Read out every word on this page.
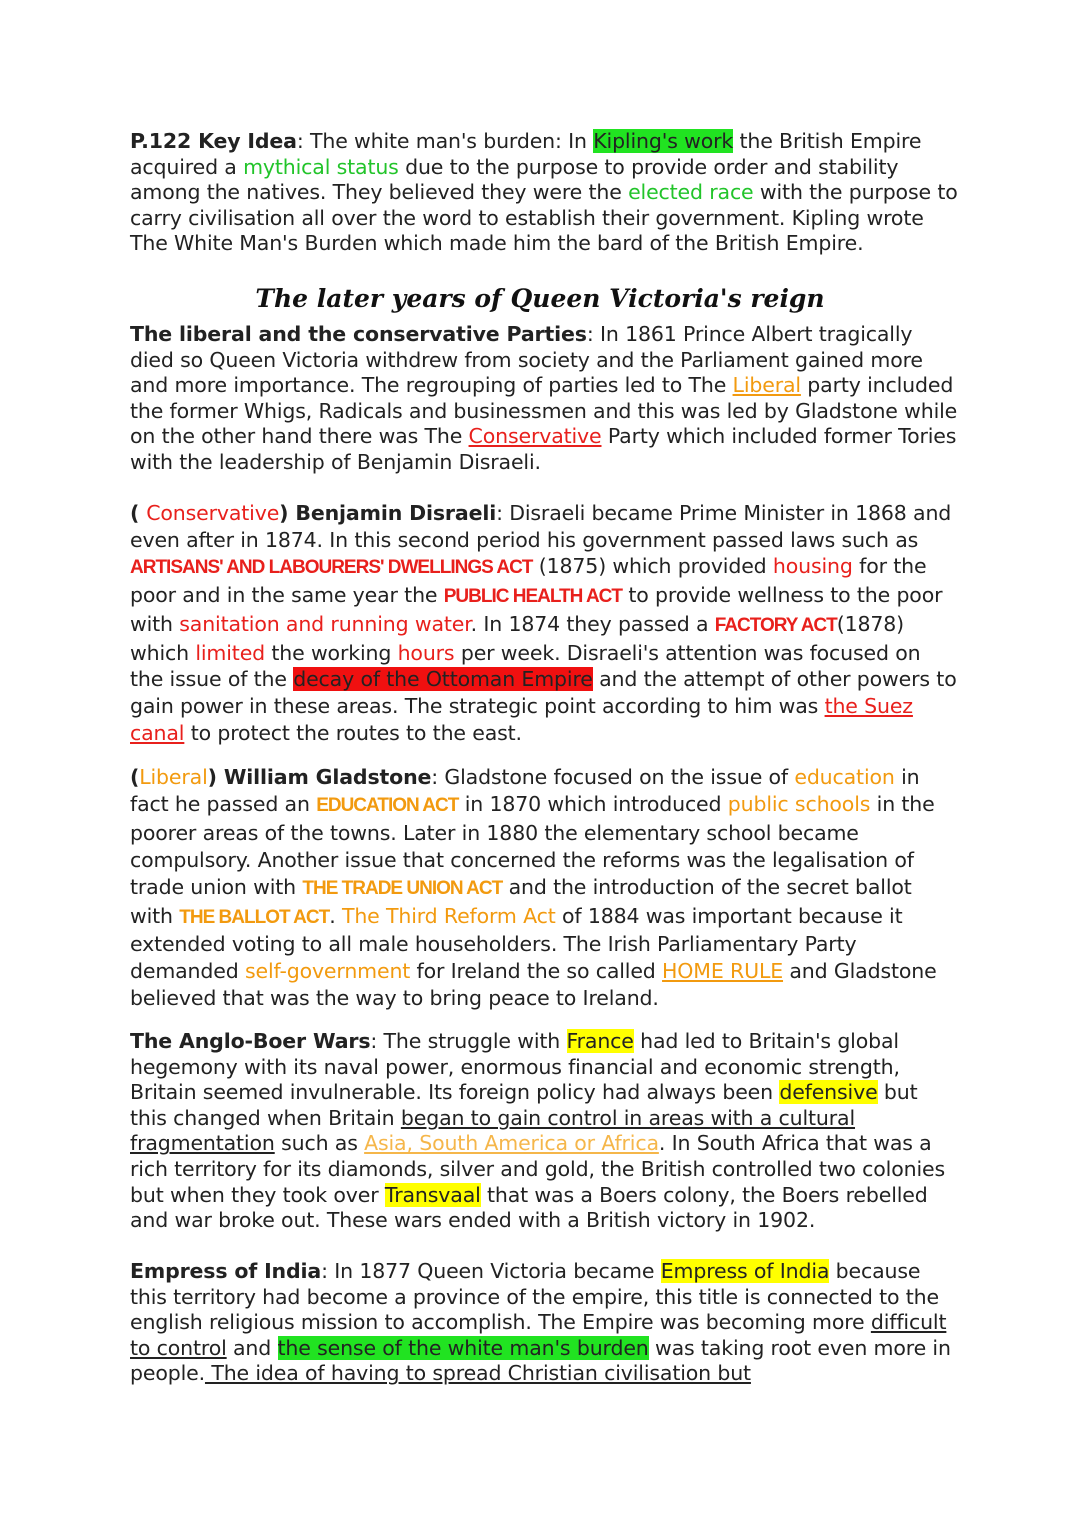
P.122 Key Idea: The white man's burden: In Kipling's work the British Empire acquired a mythical status due to the purpose to provide order and stability among the natives. They believed they were the elected race with the purpose to carry civilisation all over the word to establish their government. Kipling wrote The White Man's Burden which made him the bard of the British Empire.

The later years of Queen Victoria's reign

The liberal and the conservative Parties: In 1861 Prince Albert tragically died so Queen Victoria withdrew from society and the Parliament gained more and more importance. The regrouping of parties led to The Liberal party included the former Whigs, Radicals and businessmen and this was led by Gladstone while on the other hand there was The Conservative Party which included former Tories with the leadership of Benjamin Disraeli.

( Conservative) Benjamin Disraeli: Disraeli became Prime Minister in 1868 and even after in 1874. In this second period his government passed laws such as ARTISANS' AND LABOURERS' DWELLINGS ACT (1875) which provided housing for the poor and in the same year the PUBLIC HEALTH ACT to provide wellness to the poor with sanitation and running water. In 1874 they passed a FACTORY ACT(1878) which limited the working hours per week. Disraeli's attention was focused on the issue of the decay of the Ottoman Empire and the attempt of other powers to gain power in these areas. The strategic point according to him was the Suez canal to protect the routes to the east.

(Liberal) William Gladstone: Gladstone focused on the issue of education in fact he passed an EDUCATION ACT in 1870 which introduced public schools in the poorer areas of the towns. Later in 1880 the elementary school became compulsory. Another issue that concerned the reforms was the legalisation of trade union with THE TRADE UNION ACT and the introduction of the secret ballot with THE BALLOT ACT. The Third Reform Act of 1884 was important because it extended voting to all male householders. The Irish Parliamentary Party demanded self-government for Ireland the so called HOME RULE and Gladstone believed that was the way to bring peace to Ireland.

The Anglo-Boer Wars: The struggle with France had led to Britain's global hegemony with its naval power, enormous financial and economic strength, Britain seemed invulnerable. Its foreign policy had always been defensive but this changed when Britain began to gain control in areas with a cultural fragmentation such as Asia, South America or Africa. In South Africa that was a rich territory for its diamonds, silver and gold, the British controlled two colonies but when they took over Transvaal that was a Boers colony, the Boers rebelled and war broke out. These wars ended with a British victory in 1902.

Empress of India: In 1877 Queen Victoria became Empress of India because this territory had become a province of the empire, this title is connected to the english religious mission to accomplish. The Empire was becoming more difficult to control and the sense of the white man's burden was taking root even more in people. The idea of having to spread Christian civilisation but
